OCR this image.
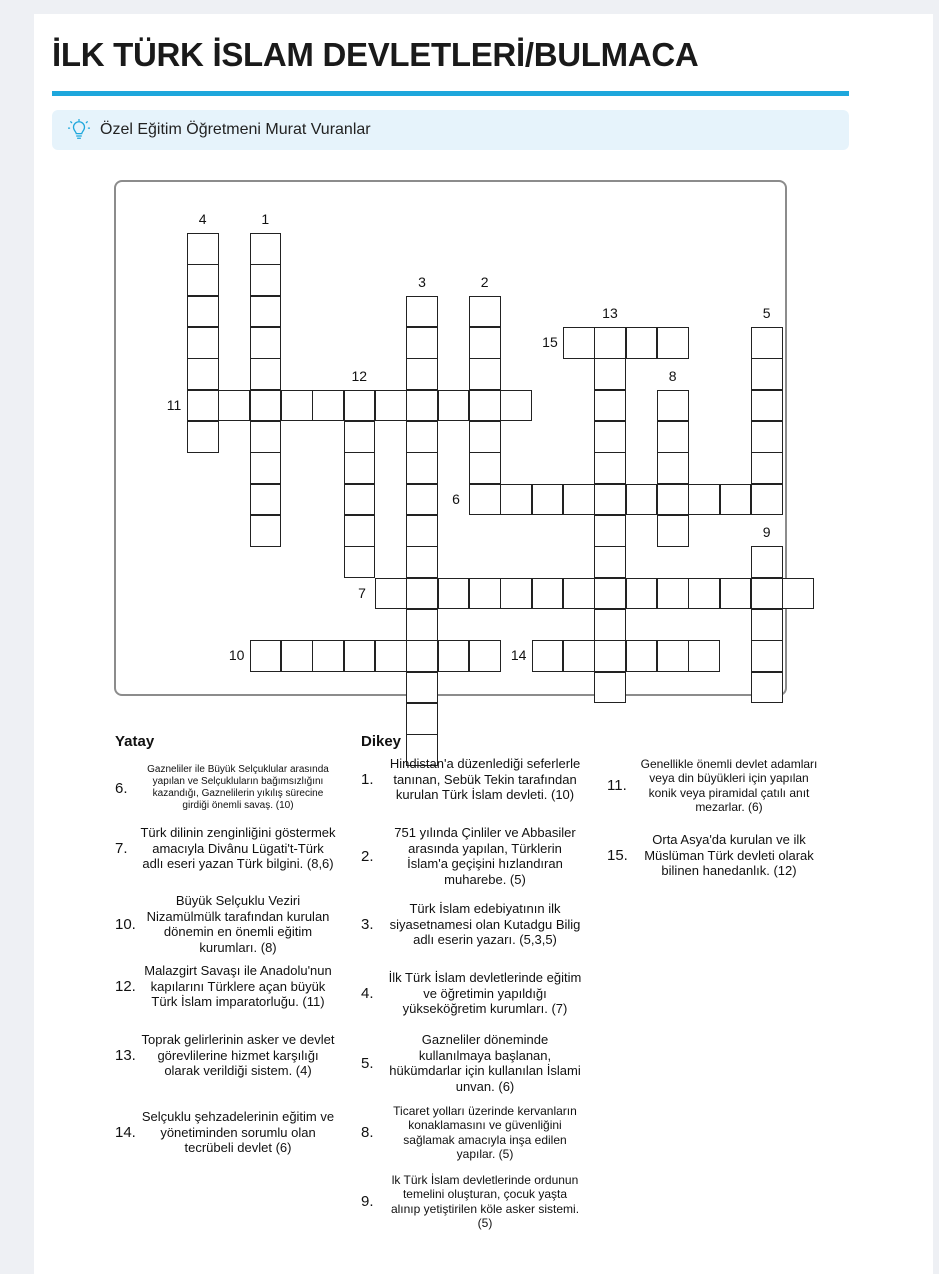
İLK TÜRK İSLAM DEVLETLERİ/BULMACA
Özel Eğitim Öğretmeni Murat Vuranlar
4	1
3	2
15
13	5
11
12	8
6
9
7
10	14
Yatay
6.
Gazneliler ile Büyük Selçuklular arasında yapılan ve Selçukluların bağımsızlığını kazandığı, Gaznelilerin yıkılış sürecine girdiği önemli savaş. (10)
7.
Türk dilinin zenginliğini göstermek amacıyla Divânu Lügati't-Türk adlı eseri yazan Türk bilgini. (8,6)
10.
Büyük Selçuklu Veziri Nizamülmülk tarafından kurulan dönemin en önemli eğitim kurumları. (8)
12.
Malazgirt Savaşı ile Anadolu'nun kapılarını Türklere açan büyük Türk İslam imparatorluğu. (11)
13.
Toprak gelirlerinin asker ve devlet görevlilerine hizmet karşılığı olarak verildiği sistem. (4)
14.
Selçuklu şehzadelerinin eğitim ve yönetiminden sorumlu olan tecrübeli devlet (6)
Dikey
1.
Hindistan'a düzenlediği seferlerle tanınan, Sebük Tekin tarafından kurulan Türk İslam devleti. (10)
2.
751 yılında Çinliler ve Abbasiler arasında yapılan, Türklerin İslam'a geçişini hızlandıran muharebe. (5)
3.
Türk İslam edebiyatının ilk siyasetnamesi olan Kutadgu Bilig adlı eserin yazarı. (5,3,5)
4.
İlk Türk İslam devletlerinde eğitim ve öğretimin yapıldığı yükseköğretim kurumları. (7)
5.
Gazneliler döneminde kullanılmaya başlanan, hükümdarlar için kullanılan İslami unvan. (6)
8.
Ticaret yolları üzerinde kervanların konaklamasını ve güvenliğini sağlamak amacıyla inşa edilen yapılar. (5)
9.
lk Türk İslam devletlerinde ordunun temelini oluşturan, çocuk yaşta alınıp yetiştirilen köle asker sistemi. (5)
11.
Genellikle önemli devlet adamları veya din büyükleri için yapılan konik veya piramidal çatılı anıt mezarlar. (6)
15.
Orta Asya'da kurulan ve ilk Müslüman Türk devleti olarak bilinen hanedanlık. (12)
